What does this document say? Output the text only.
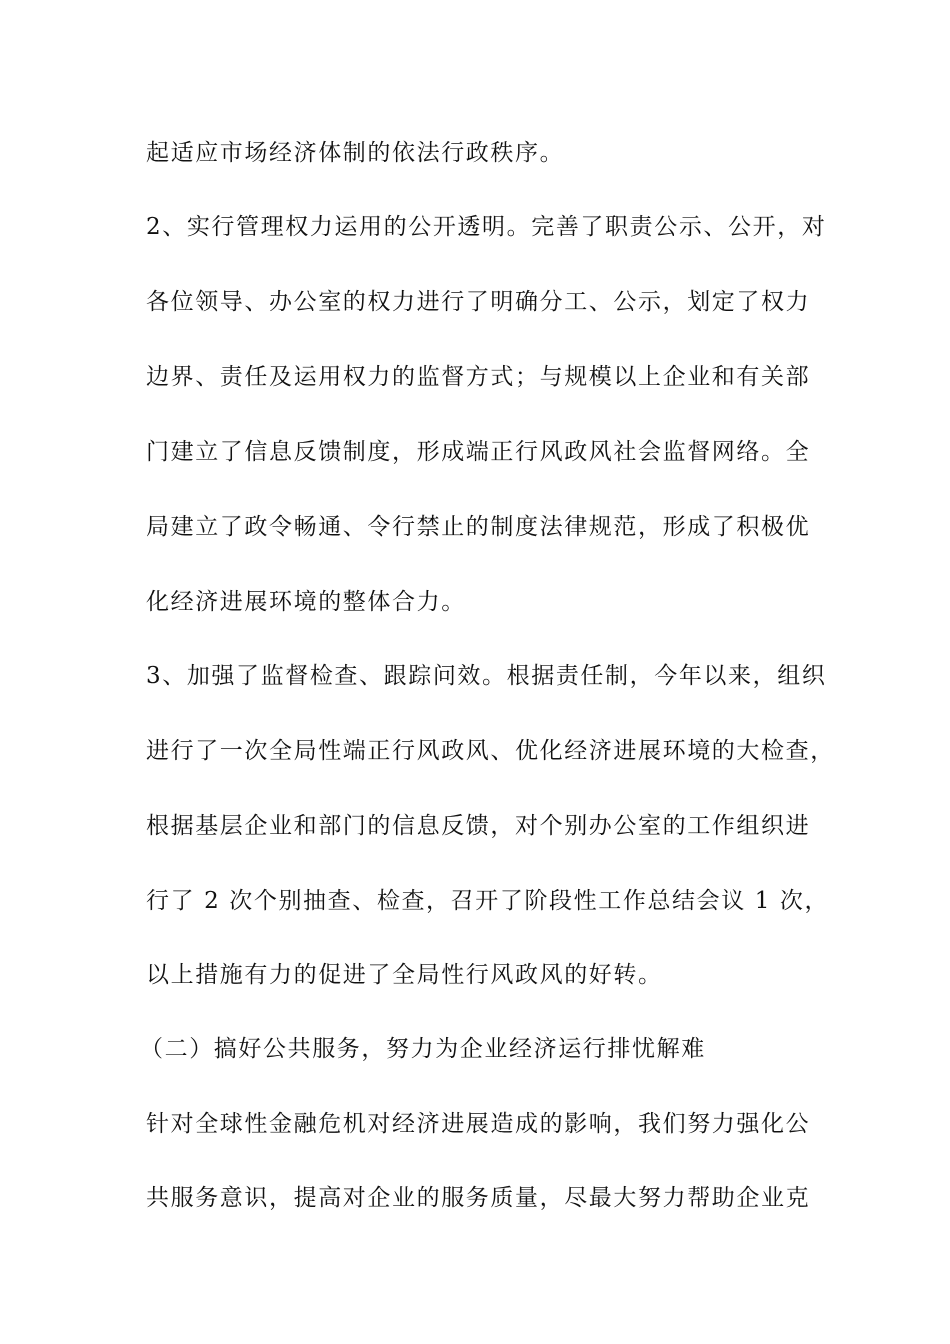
起适应市场经济体制的依法行政秩序。
2、实行管理权力运用的公开透明。完善了职责公示、公开，对
各位领导、办公室的权力进行了明确分工、公示，划定了权力
边界、责任及运用权力的监督方式；与规模以上企业和有关部
门建立了信息反馈制度，形成端正行风政风社会监督网络。全
局建立了政令畅通、令行禁止的制度法律规范，形成了积极优
化经济进展环境的整体合力。
3、加强了监督检查、跟踪问效。根据责任制，今年以来，组织
进行了一次全局性端正行风政风、优化经济进展环境的大检查，
根据基层企业和部门的信息反馈，对个别办公室的工作组织进
行了 2 次个别抽查、检查，召开了阶段性工作总结会议 1 次，
以上措施有力的促进了全局性行风政风的好转。
（二）搞好公共服务，努力为企业经济运行排忧解难
针对全球性金融危机对经济进展造成的影响，我们努力强化公
共服务意识，提高对企业的服务质量，尽最大努力帮助企业克
